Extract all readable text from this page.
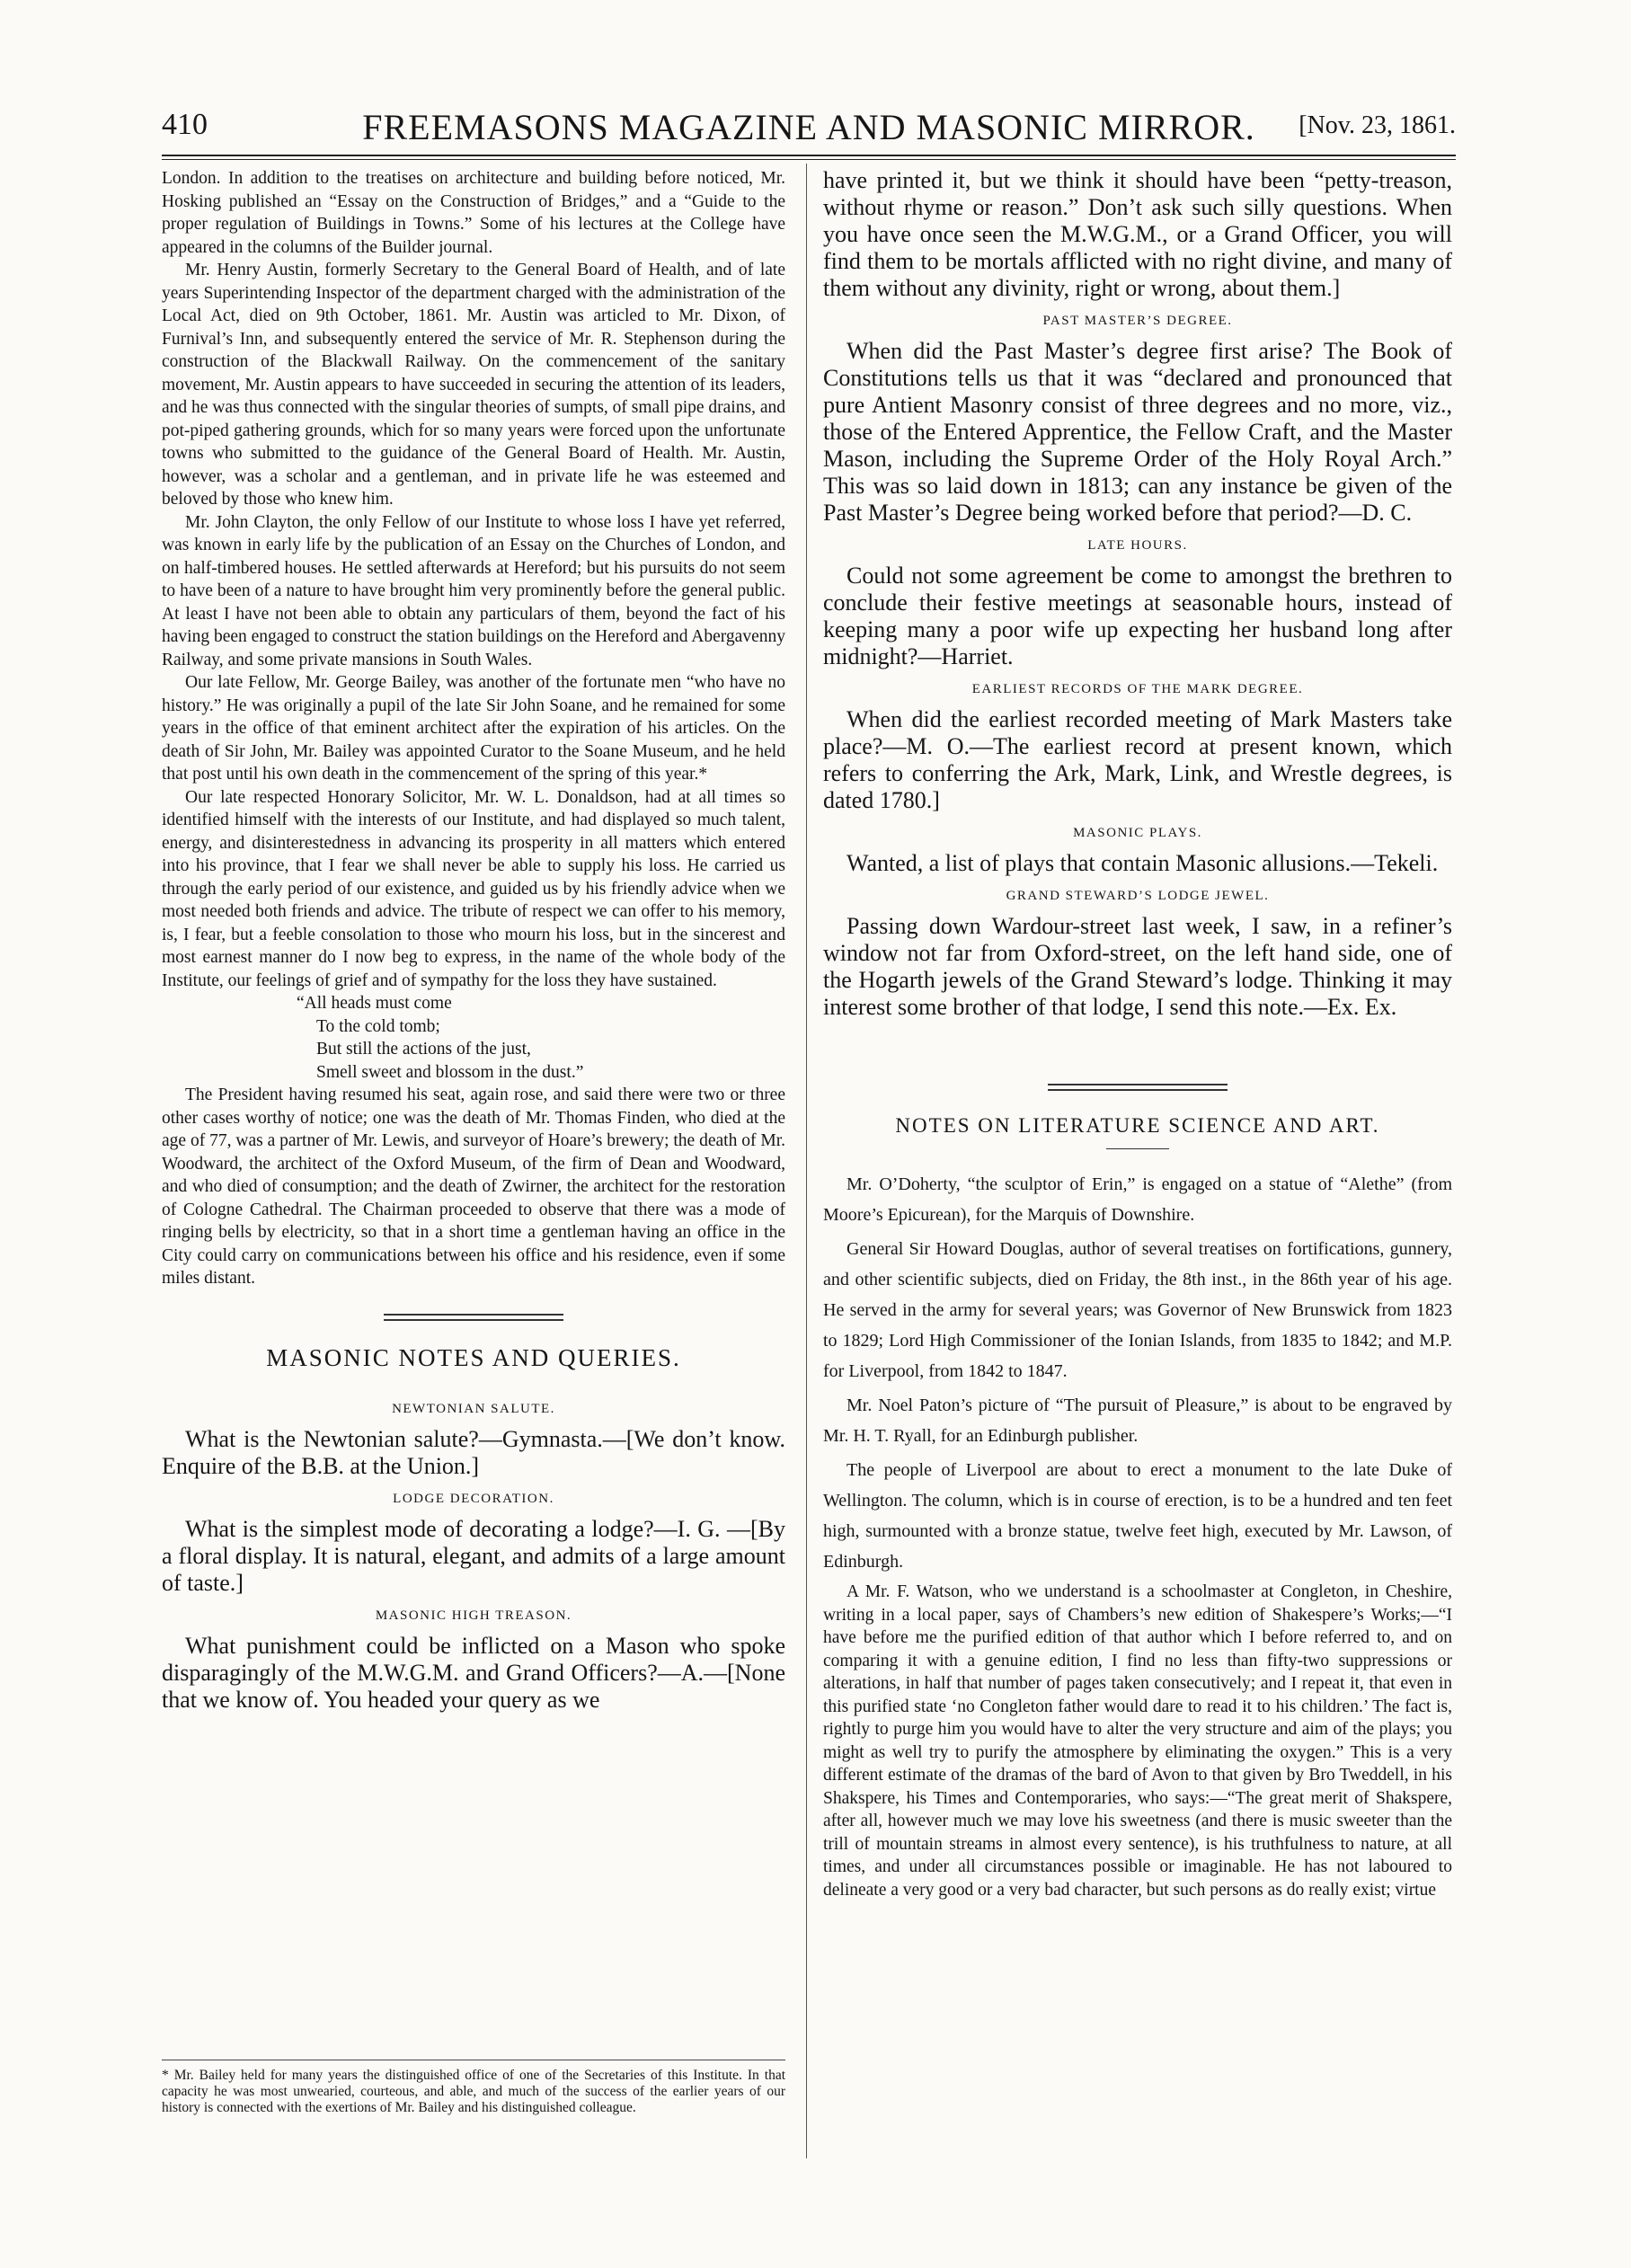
410	FREEMASONS MAGAZINE AND MASONIC MIRROR.	[Nov. 23, 1861.

London. In addition to the treatises on architecture and building before noticed, Mr. Hosking published an “Essay on the Construction of Bridges,” and a “Guide to the proper regulation of Buildings in Towns.” Some of his lectures at the College have appeared in the columns of the Builder journal.

Mr. Henry Austin, formerly Secretary to the General Board of Health, and of late years Superintending Inspector of the department charged with the administration of the Local Act, died on 9th October, 1861. Mr. Austin was articled to Mr. Dixon, of Furnival’s Inn, and subsequently entered the service of Mr. R. Stephenson during the construction of the Blackwall Railway. On the commencement of the sanitary movement, Mr. Austin appears to have succeeded in securing the attention of its leaders, and he was thus connected with the singular theories of sumpts, of small pipe drains, and pot-piped gathering grounds, which for so many years were forced upon the unfortunate towns who submitted to the guidance of the General Board of Health. Mr. Austin, however, was a scholar and a gentleman, and in private life he was esteemed and beloved by those who knew him.

Mr. John Clayton, the only Fellow of our Institute to whose loss I have yet referred, was known in early life by the publication of an Essay on the Churches of London, and on half-timbered houses. He settled afterwards at Hereford; but his pursuits do not seem to have been of a nature to have brought him very prominently before the general public. At least I have not been able to obtain any particulars of them, beyond the fact of his having been engaged to construct the station buildings on the Hereford and Abergavenny Railway, and some private mansions in South Wales.

Our late Fellow, Mr. George Bailey, was another of the fortunate men “who have no history.” He was originally a pupil of the late Sir John Soane, and he remained for some years in the office of that eminent architect after the expiration of his articles. On the death of Sir John, Mr. Bailey was appointed Curator to the Soane Museum, and he held that post until his own death in the commencement of the spring of this year.*

Our late respected Honorary Solicitor, Mr. W. L. Donaldson, had at all times so identified himself with the interests of our Institute, and had displayed so much talent, energy, and disinterestedness in advancing its prosperity in all matters which entered into his province, that I fear we shall never be able to supply his loss. He carried us through the early period of our existence, and guided us by his friendly advice when we most needed both friends and advice. The tribute of respect we can offer to his memory, is, I fear, but a feeble consolation to those who mourn his loss, but in the sincerest and most earnest manner do I now beg to express, in the name of the whole body of the Institute, our feelings of grief and of sympathy for the loss they have sustained.

“All heads must come
To the cold tomb;
But still the actions of the just,
Smell sweet and blossom in the dust.”

The President having resumed his seat, again rose, and said there were two or three other cases worthy of notice; one was the death of Mr. Thomas Finden, who died at the age of 77, was a partner of Mr. Lewis, and surveyor of Hoare’s brewery; the death of Mr. Woodward, the architect of the Oxford Museum, of the firm of Dean and Woodward, and who died of consumption; and the death of Zwirner, the architect for the restoration of Cologne Cathedral. The Chairman proceeded to observe that there was a mode of ringing bells by electricity, so that in a short time a gentleman having an office in the City could carry on communications between his office and his residence, even if some miles distant.

MASONIC NOTES AND QUERIES.
NEWTONIAN SALUTE.

What is the Newtonian salute?—Gymnasta.—[We don’t know. Enquire of the B.B. at the Union.]

LODGE DECORATION.

What is the simplest mode of decorating a lodge?—I. G. —[By a floral display. It is natural, elegant, and admits of a large amount of taste.]

MASONIC HIGH TREASON.

What punishment could be inflicted on a Mason who spoke disparagingly of the M.W.G.M. and Grand Officers?—A.—[None that we know of. You headed your query as we

* Mr. Bailey held for many years the distinguished office of one of the Secretaries of this Institute. In that capacity he was most unwearied, courteous, and able, and much of the success of the earlier years of our history is connected with the exertions of Mr. Bailey and his distinguished colleague.

have printed it, but we think it should have been “petty-treason, without rhyme or reason.” Don’t ask such silly questions. When you have once seen the M.W.G.M., or a Grand Officer, you will find them to be mortals afflicted with no right divine, and many of them without any divinity, right or wrong, about them.]

PAST MASTER’S DEGREE.

When did the Past Master’s degree first arise? The Book of Constitutions tells us that it was “declared and pronounced that pure Antient Masonry consist of three degrees and no more, viz., those of the Entered Apprentice, the Fellow Craft, and the Master Mason, including the Supreme Order of the Holy Royal Arch.” This was so laid down in 1813; can any instance be given of the Past Master’s Degree being worked before that period?—D. C.

LATE HOURS.

Could not some agreement be come to amongst the brethren to conclude their festive meetings at seasonable hours, instead of keeping many a poor wife up expecting her husband long after midnight?—Harriet.

EARLIEST RECORDS OF THE MARK DEGREE.

When did the earliest recorded meeting of Mark Masters take place?—M. O.—The earliest record at present known, which refers to conferring the Ark, Mark, Link, and Wrestle degrees, is dated 1780.]

MASONIC PLAYS.

Wanted, a list of plays that contain Masonic allusions.—Tekeli.

GRAND STEWARD’S LODGE JEWEL.

Passing down Wardour-street last week, I saw, in a refiner’s window not far from Oxford-street, on the left hand side, one of the Hogarth jewels of the Grand Steward’s lodge. Thinking it may interest some brother of that lodge, I send this note.—Ex. Ex.

NOTES ON LITERATURE SCIENCE AND ART.

Mr. O’Doherty, “the sculptor of Erin,” is engaged on a statue of “Alethe” (from Moore’s Epicurean), for the Marquis of Downshire.

General Sir Howard Douglas, author of several treatises on fortifications, gunnery, and other scientific subjects, died on Friday, the 8th inst., in the 86th year of his age. He served in the army for several years; was Governor of New Brunswick from 1823 to 1829; Lord High Commissioner of the Ionian Islands, from 1835 to 1842; and M.P. for Liverpool, from 1842 to 1847.

Mr. Noel Paton’s picture of “The pursuit of Pleasure,” is about to be engraved by Mr. H. T. Ryall, for an Edinburgh publisher.

The people of Liverpool are about to erect a monument to the late Duke of Wellington. The column, which is in course of erection, is to be a hundred and ten feet high, surmounted with a bronze statue, twelve feet high, executed by Mr. Lawson, of Edinburgh.

A Mr. F. Watson, who we understand is a schoolmaster at Congleton, in Cheshire, writing in a local paper, says of Chambers’s new edition of Shakespere’s Works;—“I have before me the purified edition of that author which I before referred to, and on comparing it with a genuine edition, I find no less than fifty-two suppressions or alterations, in half that number of pages taken consecutively; and I repeat it, that even in this purified state ‘no Congleton father would dare to read it to his children.’ The fact is, rightly to purge him you would have to alter the very structure and aim of the plays; you might as well try to purify the atmosphere by eliminating the oxygen.” This is a very different estimate of the dramas of the bard of Avon to that given by Bro Tweddell, in his Shakspere, his Times and Contemporaries, who says:—“The great merit of Shakspere, after all, however much we may love his sweetness (and there is music sweeter than the trill of mountain streams in almost every sentence), is his truthfulness to nature, at all times, and under all circumstances possible or imaginable. He has not laboured to delineate a very good or a very bad character, but such persons as do really exist; virtue
